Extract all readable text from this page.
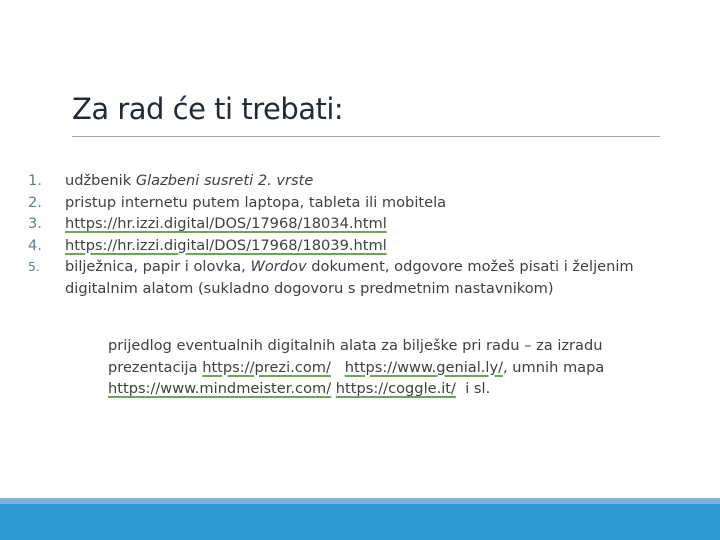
Za rad će ti trebati:
1.	udžbenik Glazbeni susreti 2. vrste
2.	pristup internetu putem laptopa, tableta ili mobitela
3.	https://hr.izzi.digital/DOS/17968/18034.html
4.	https://hr.izzi.digital/DOS/17968/18039.html
5.	bilježnica, papir i olovka, Wordov dokument, odgovore možeš pisati i željenim digitalnim alatom (sukladno dogovoru s predmetnim nastavnikom)
prijedlog eventualnih digitalnih alata za bilješke pri radu – za izradu prezentacija https://prezi.com/ https://www.genial.ly/, umnih mapa https://www.mindmeister.com/ https://coggle.it/  i sl.
